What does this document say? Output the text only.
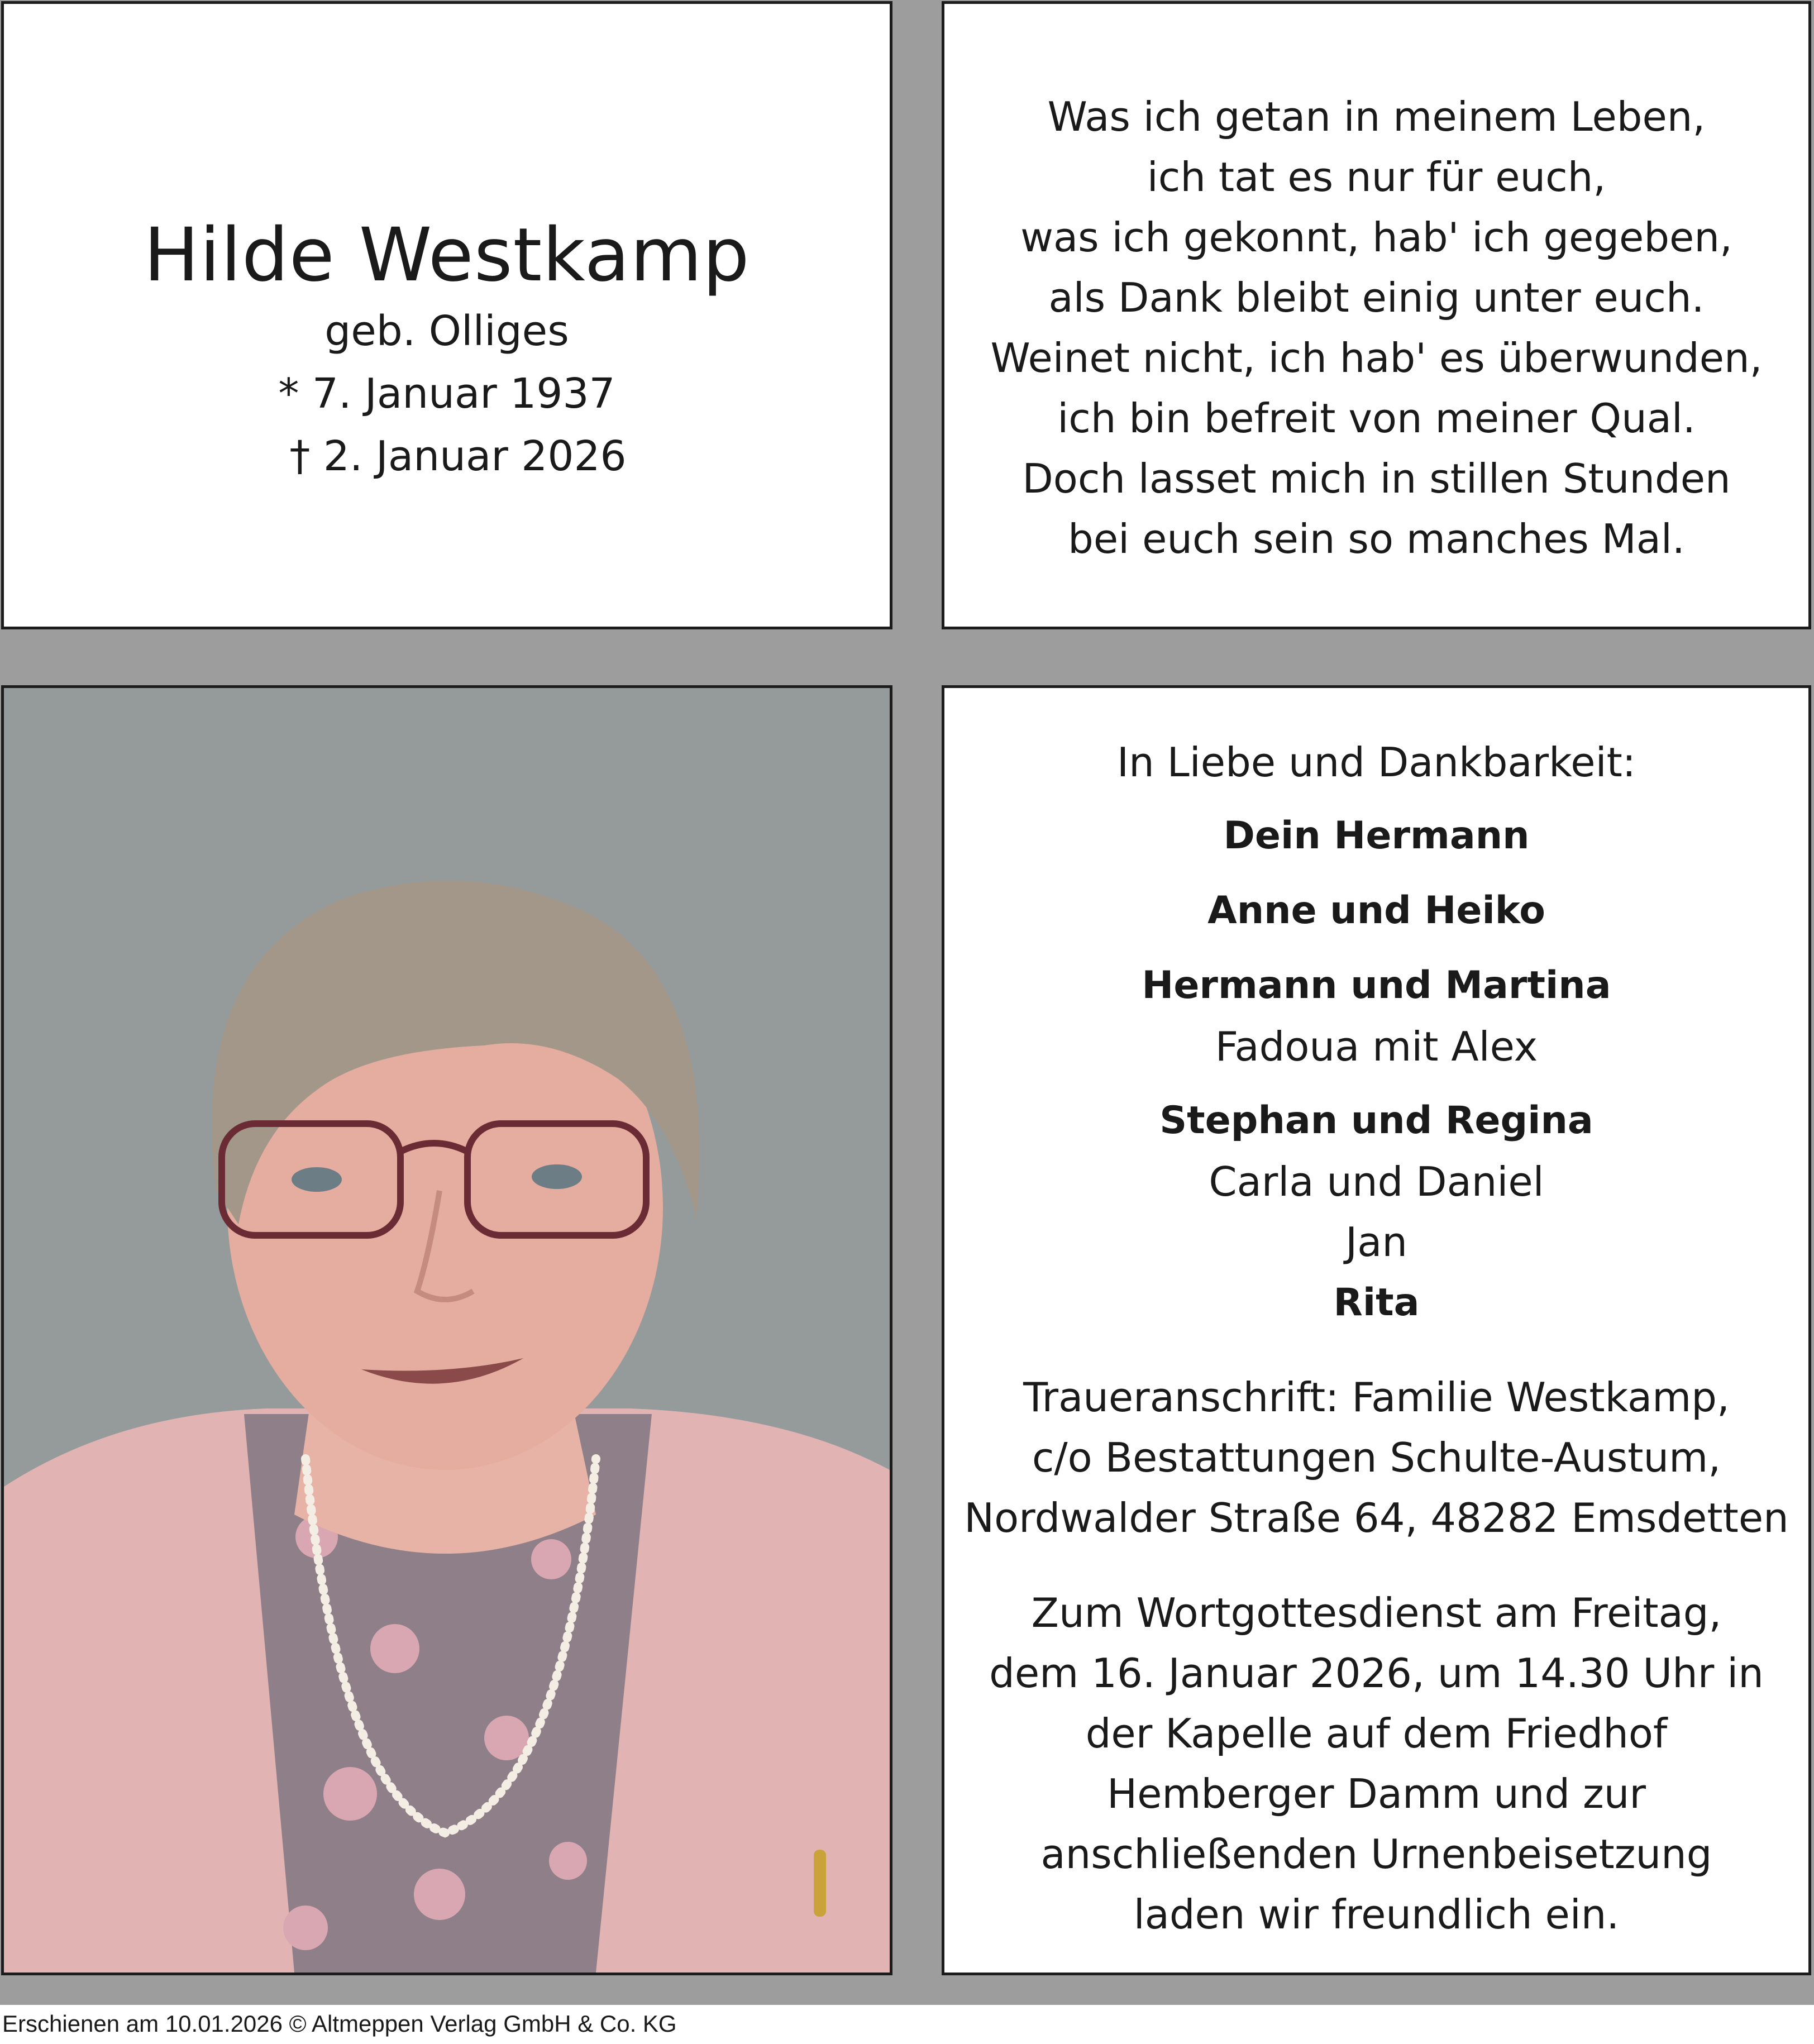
Hilde Westkamp
geb. Olliges
* 7. Januar 1937
† 2. Januar 2026
Was ich getan in meinem Leben,
ich tat es nur für euch,
was ich gekonnt, hab' ich gegeben,
als Dank bleibt einig unter euch.
Weinet nicht, ich hab' es überwunden,
ich bin befreit von meiner Qual.
Doch lasset mich in stillen Stunden
bei euch sein so manches Mal.
In Liebe und Dankbarkeit:
Dein Hermann
Anne und Heiko
Hermann und Martina
Fadoua mit Alex
Stephan und Regina
Carla und Daniel
Jan
Rita
Traueranschrift: Familie Westkamp,
c/o Bestattungen Schulte-Austum,
Nordwalder Straße 64, 48282 Emsdetten
Zum Wortgottesdienst am Freitag,
dem 16. Januar 2026, um 14.30 Uhr in
der Kapelle auf dem Friedhof
Hemberger Damm und zur
anschließenden Urnenbeisetzung
laden wir freundlich ein.
Erschienen am 10.01.2026 © Altmeppen Verlag GmbH & Co. KG
